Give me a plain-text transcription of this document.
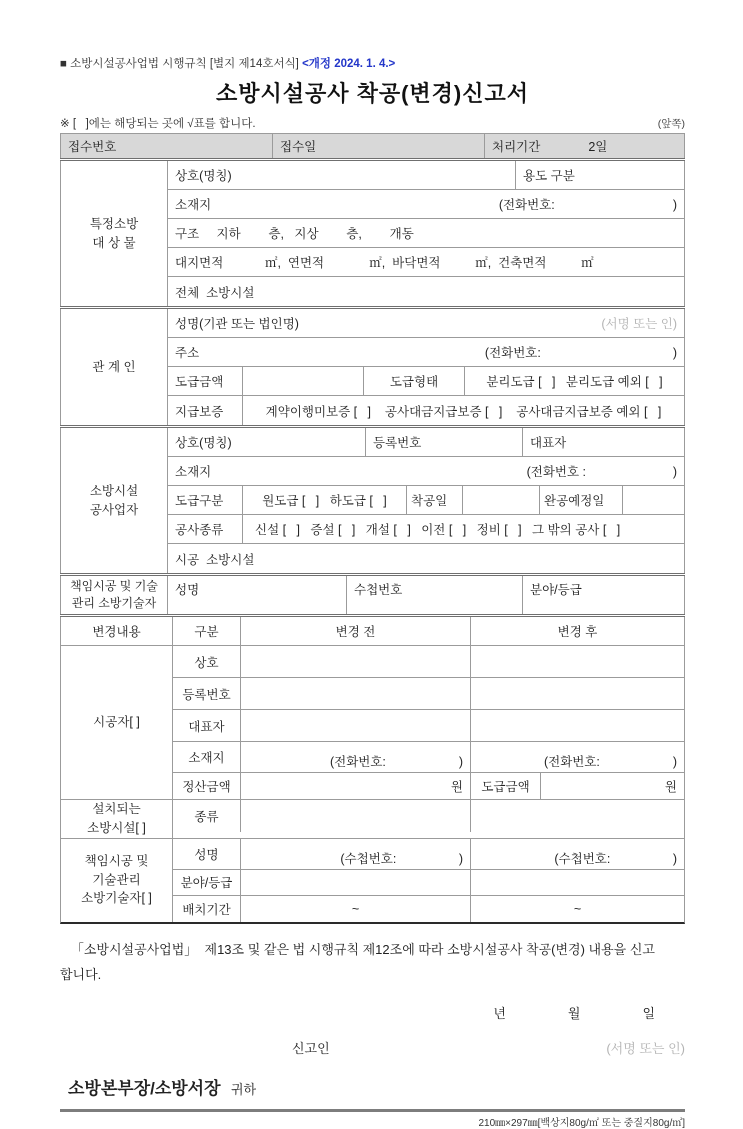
■ 소방시설공사업법 시행규칙 [별지 제14호서식] <개정 2024. 1. 4.>
소방시설공사 착공(변경)신고서
※ [   ]에는 해당되는 곳에 √표를 합니다.	(앞쪽)
접수번호	접수일	처리기간	2일
특정소방
대 상 물
상호(명칭)	용도 구분
소재지	(전화번호:                                  )
구조     지하        층,   지상        층,        개동
대지면적            ㎡,  연면적             ㎡,  바닥면적          ㎡,  건축면적          ㎡
전체  소방시설
관 계 인
성명(기관 또는 법인명)	(서명 또는 인)
주소	(전화번호:                                      )
도급금액	도급형태	분리도급 [   ]   분리도급 예외 [   ]
지급보증	계약이행미보증 [   ]    공사대금지급보증 [   ]    공사대금지급보증 예외 [   ]
소방시설
공사업자
상호(명칭)	등록번호	대표자
소재지	(전화번호 :                         )
도급구분	원도급 [   ]   하도급 [   ] 착공일	완공예정일
공사종류	신설 [   ]   증설 [   ]   개설 [   ]   이전 [   ]   정비 [   ]   그 밖의 공사 [   ]
시공  소방시설
책임시공 및 기술
관리 소방기술자
성명	수첩번호	분야/등급
변경내용	구분	변경 전	변경 후
시공자[ ]
상호
등록번호
대표자
소재지	(전화번호:                     )	(전화번호:                     )
정산금액	원 도급금액	원
설치되는
소방시설[ ]
종류
책임시공 및
기술관리
소방기술자[ ]
성명	(수첩번호:                  )	(수첩번호:                  )
분야/등급
배치기간	~	~
「소방시설공사업법」  제13조 및 같은 법 시행규칙 제12조에 따라 소방시설공사 착공(변경) 내용을 신고
합니다.
년	월	일
신고인	(서명 또는 인)
소방본부장/소방서장 귀하
210㎜×297㎜[백상지80g/㎡ 또는 중질지80g/㎡]
